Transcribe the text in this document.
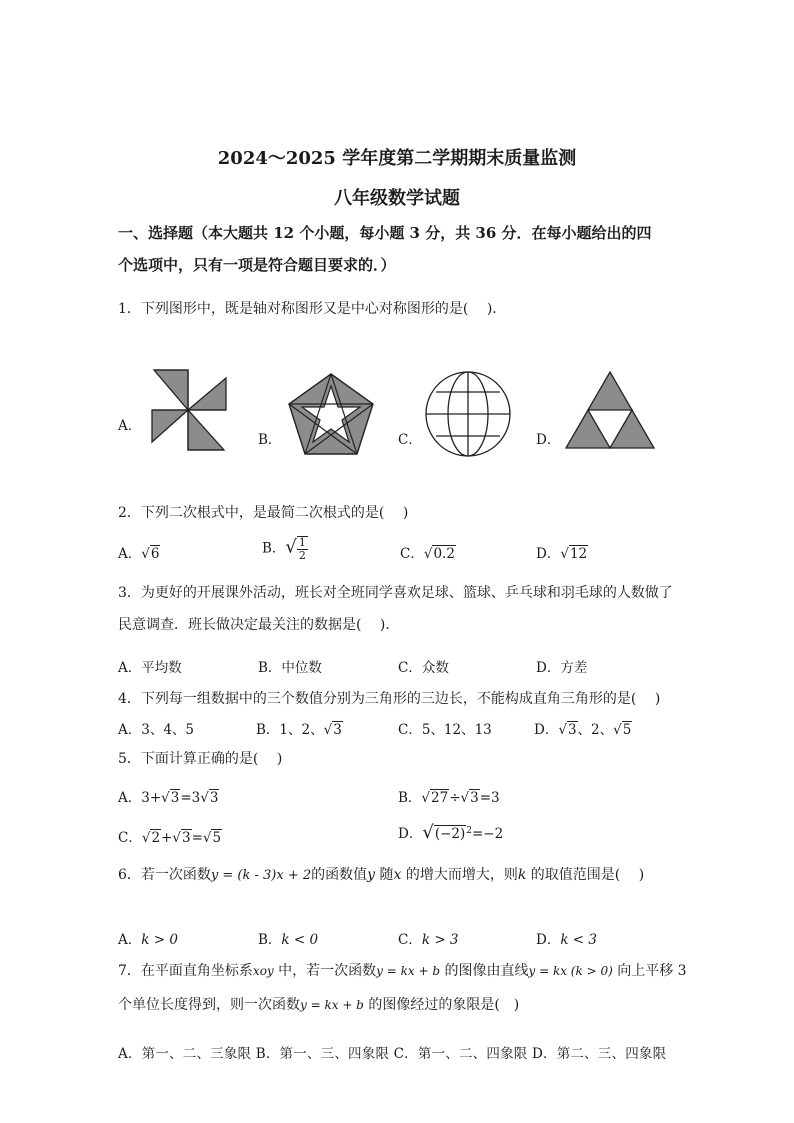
2024～2025 学年度第二学期期末质量监测
八年级数学试题
一、选择题（本大题共 12 个小题，每小题 3 分，共 36 分．在每小题给出的四
个选项中，只有一项是符合题目要求的．）
1．下列图形中，既是轴对称图形又是中心对称图形的是(　 )．
A．
B．	C．	D．
2．下列二次根式中，是最简二次根式的是(　 )
A．√6	B．√ $\frac{1}{2}$	C．√0.2	D．√12
3．为更好的开展课外活动，班长对全班同学喜欢足球、篮球、乒乓球和羽毛球的人数做了
民意调查．班长做决定最关注的数据是(　 )．
A．平均数	B．中位数	C．众数	D．方差
4．下列每一组数据中的三个数值分别为三角形的三边长，不能构成直角三角形的是(　 )
A．3、4、5	B．1、2、√3	C．5、12、13	D．√3、2、√5
5．下面计算正确的是(　 )
A．3+√3=3√3	B．√27÷√3=3
C．√2+√3=√5	D．$√(-2)^2=-2$
6．若一次函数y = (k - 3)x + 2的函数值y 随x 的增大而增大，则k 的取值范围是(　 )
A．k > 0	B．k < 0	C．k > 3	D．k < 3
7．在平面直角坐标系xoy 中，若一次函数y = kx + b 的图像由直线y = kx (k > 0) 向上平移 3
个单位长度得到，则一次函数y = kx + b 的图像经过的象限是(　)
A．第一、二、三象限 B．第一、三、四象限 C．第一、二、四象限 D．第二、三、四象限
